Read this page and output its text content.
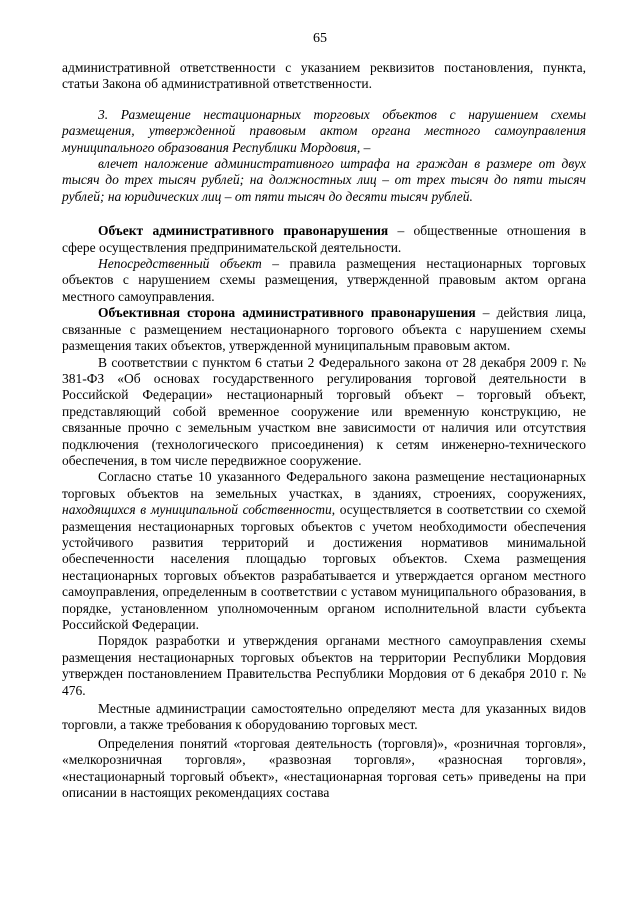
65

административной ответственности с указанием реквизитов постановления, пункта, статьи Закона об административной ответственности.

3. Размещение нестационарных торговых объектов с нарушением схемы размещения, утвержденной правовым актом органа местного самоуправления муниципального образования Республики Мордовия, –

влечет наложение административного штрафа на граждан в размере от двух тысяч до трех тысяч рублей; на должностных лиц – от трех тысяч до пяти тысяч рублей; на юридических лиц – от пяти тысяч до десяти тысяч рублей.

Объект административного правонарушения – общественные отношения в сфере осуществления предпринимательской деятельности.

Непосредственный объект – правила размещения нестационарных торговых объектов с нарушением схемы размещения, утвержденной правовым актом органа местного самоуправления.

Объективная сторона административного правонарушения – действия лица, связанные с размещением нестационарного торгового объекта с нарушением схемы размещения таких объектов, утвержденной муниципальным правовым актом.

В соответствии с пунктом 6 статьи 2 Федерального закона от 28 декабря 2009 г. № 381-ФЗ «Об основах государственного регулирования торговой деятельности в Российской Федерации» нестационарный торговый объект – торговый объект, представляющий собой временное сооружение или временную конструкцию, не связанные прочно с земельным участком вне зависимости от наличия или отсутствия подключения (технологического присоединения) к сетям инженерно-технического обеспечения, в том числе передвижное сооружение.

Согласно статье 10 указанного Федерального закона размещение нестационарных торговых объектов на земельных участках, в зданиях, строениях, сооружениях, находящихся в муниципальной собственности, осуществляется в соответствии со схемой размещения нестационарных торговых объектов с учетом необходимости обеспечения устойчивого развития территорий и достижения нормативов минимальной обеспеченности населения площадью торговых объектов. Схема размещения нестационарных торговых объектов разрабатывается и утверждается органом местного самоуправления, определенным в соответствии с уставом муниципального образования, в порядке, установленном уполномоченным органом исполнительной власти субъекта Российской Федерации.

Порядок разработки и утверждения органами местного самоуправления схемы размещения нестационарных торговых объектов на территории Республики Мордовия утвержден постановлением Правительства Республики Мордовия от 6 декабря 2010 г. № 476.

Местные администрации самостоятельно определяют места для указанных видов торговли, а также требования к оборудованию торговых мест.

Определения понятий «торговая деятельность (торговля)», «розничная торговля», «мелкорозничная торговля», «развозная торговля», «разносная торговля», «нестационарный торговый объект», «нестационарная торговая сеть» приведены на при описании в настоящих рекомендациях состава
